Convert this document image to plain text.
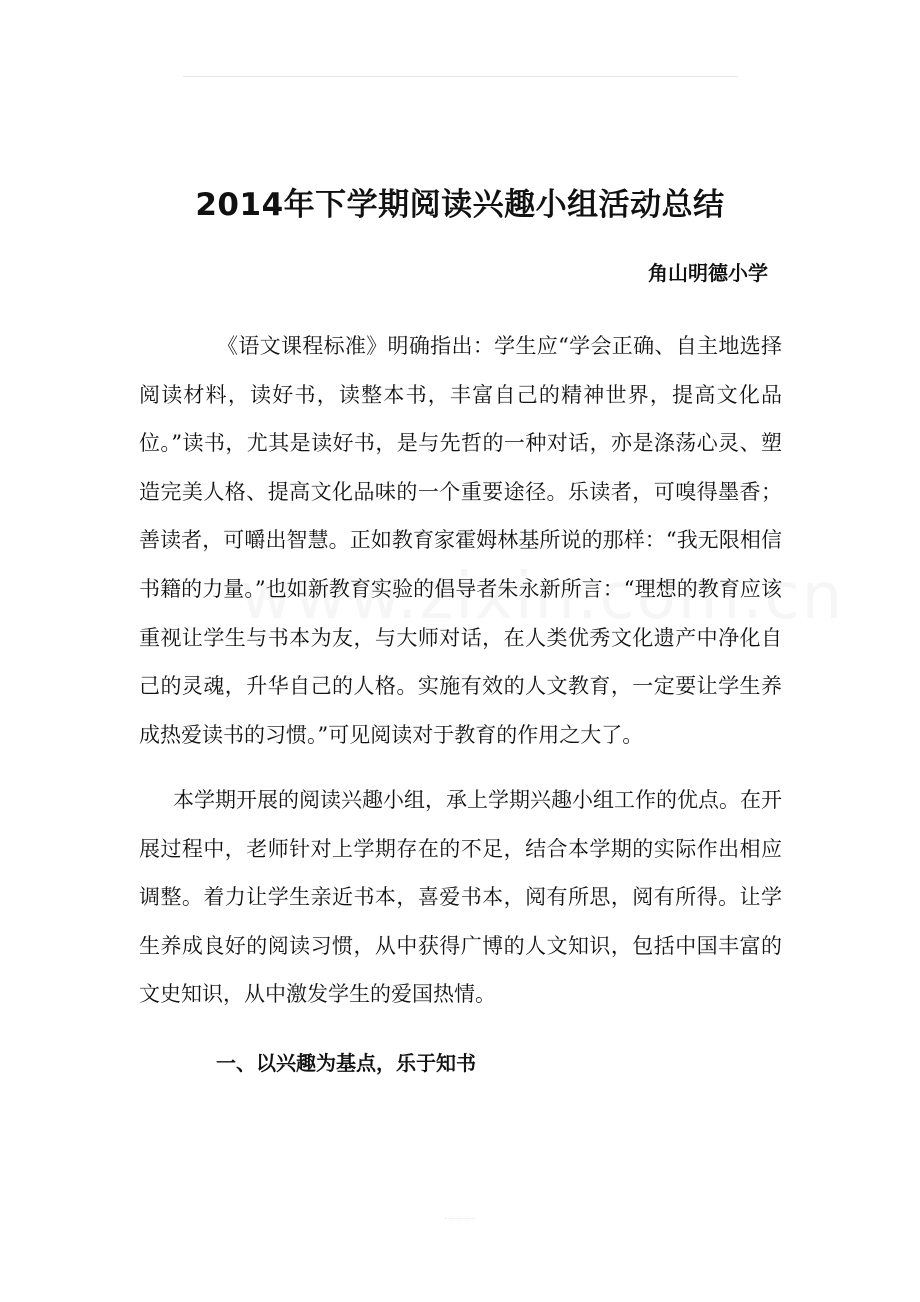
2014年下学期阅读兴趣小组活动总结

角山明德小学

《语文课程标准》明确指出：学生应“学会正确、自主地选择阅读材料，读好书，读整本书，丰富自己的精神世界，提高文化品位。”读书，尤其是读好书，是与先哲的一种对话，亦是涤荡心灵、塑造完美人格、提高文化品味的一个重要途径。乐读者，可嗅得墨香；善读者，可嚼出智慧。正如教育家霍姆林基所说的那样：“我无限相信书籍的力量。”也如新教育实验的倡导者朱永新所言：“理想的教育应该重视让学生与书本为友，与大师对话，在人类优秀文化遗产中净化自己的灵魂，升华自己的人格。实施有效的人文教育，一定要让学生养成热爱读书的习惯。”可见阅读对于教育的作用之大了。

本学期开展的阅读兴趣小组，承上学期兴趣小组工作的优点。在开展过程中，老师针对上学期存在的不足，结合本学期的实际作出相应调整。着力让学生亲近书本，喜爱书本，阅有所思，阅有所得。让学生养成良好的阅读习惯，从中获得广博的人文知识，包括中国丰富的文史知识，从中激发学生的爱国热情。

一、以兴趣为基点，乐于知书
